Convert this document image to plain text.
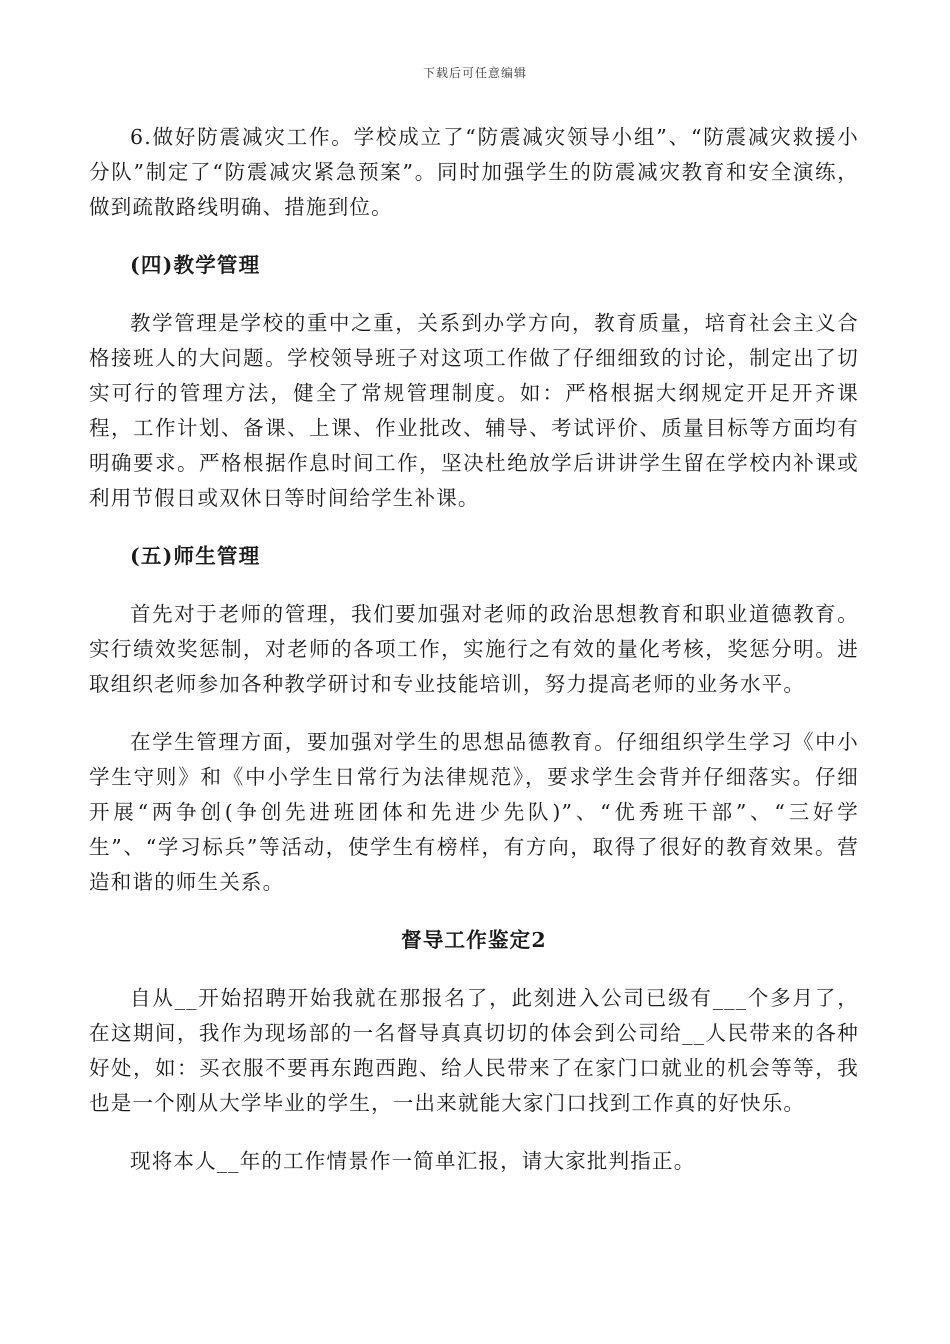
下载后可任意编辑

6.做好防震减灾工作。学校成立了“防震减灾领导小组”、“防震减灾救援小分队”制定了“防震减灾紧急预案”。同时加强学生的防震减灾教育和安全演练，做到疏散路线明确、措施到位。

(四)教学管理

教学管理是学校的重中之重，关系到办学方向，教育质量，培育社会主义合格接班人的大问题。学校领导班子对这项工作做了仔细细致的讨论，制定出了切实可行的管理方法，健全了常规管理制度。如：严格根据大纲规定开足开齐课程，工作计划、备课、上课、作业批改、辅导、考试评价、质量目标等方面均有明确要求。严格根据作息时间工作，坚决杜绝放学后讲讲学生留在学校内补课或利用节假日或双休日等时间给学生补课。

(五)师生管理

首先对于老师的管理，我们要加强对老师的政治思想教育和职业道德教育。实行绩效奖惩制，对老师的各项工作，实施行之有效的量化考核，奖惩分明。进取组织老师参加各种教学研讨和专业技能培训，努力提高老师的业务水平。

在学生管理方面，要加强对学生的思想品德教育。仔细组织学生学习《中小学生守则》和《中小学生日常行为法律规范》，要求学生会背并仔细落实。仔细开展“两争创(争创先进班团体和先进少先队)”、“优秀班干部”、“三好学生”、“学习标兵”等活动，使学生有榜样，有方向，取得了很好的教育效果。营造和谐的师生关系。

督导工作鉴定2

自从__开始招聘开始我就在那报名了，此刻进入公司已级有___个多月了，在这期间，我作为现场部的一名督导真真切切的体会到公司给__人民带来的各种好处，如：买衣服不要再东跑西跑、给人民带来了在家门口就业的机会等等，我也是一个刚从大学毕业的学生，一出来就能大家门口找到工作真的好快乐。

现将本人__年的工作情景作一简单汇报，请大家批判指正。
